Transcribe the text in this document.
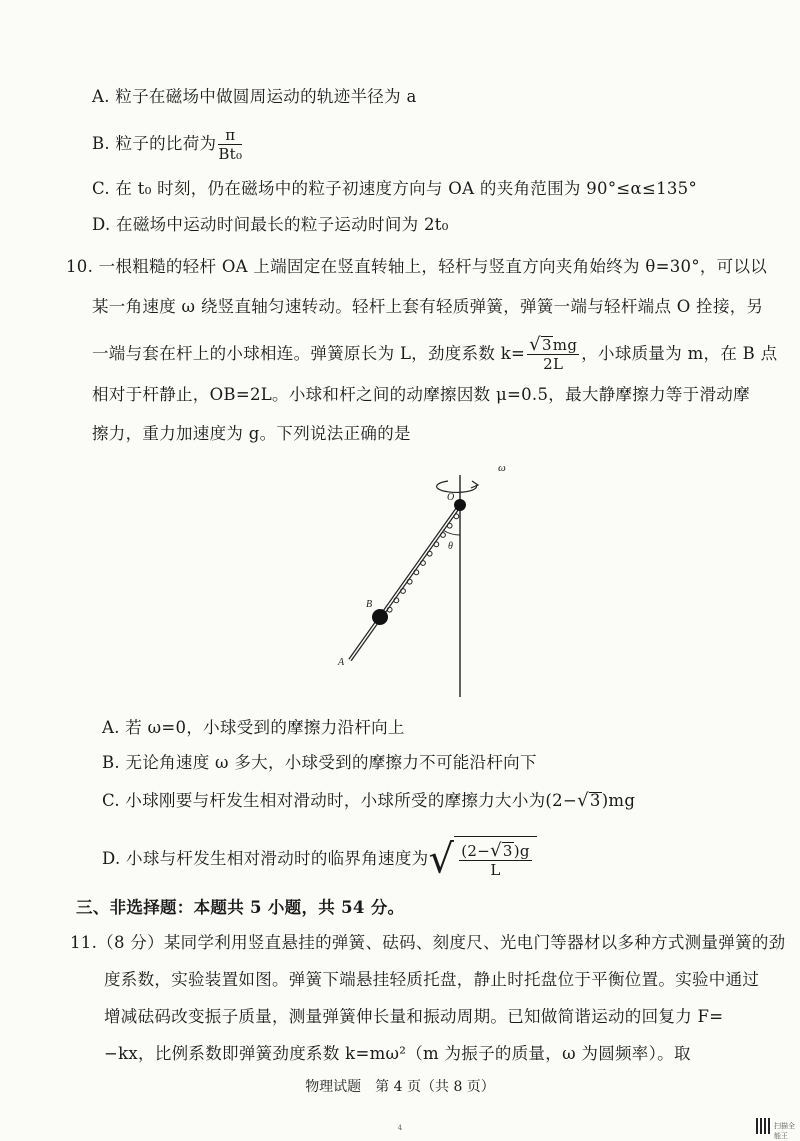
A. 粒子在磁场中做圆周运动的轨迹半径为 a
B. 粒子的比荷为 $\frac{\pi}{\text{Bt₀}}$
C. 在 t₀ 时刻，仍在磁场中的粒子初速度方向与 OA 的夹角范围为 90°≤α≤135°
D. 在磁场中运动时间最长的粒子运动时间为 2t₀
10. 一根粗糙的轻杆 OA 上端固定在竖直转轴上，轻杆与竖直方向夹角始终为 θ=30°，可以以
某一角速度 ω 绕竖直轴匀速转动。轻杆上套有轻质弹簧，弹簧一端与轻杆端点 O 拴接，另
一端与套在杆上的小球相连。弹簧原长为 L，劲度系数 $k= \frac{√3mg}{2L}$ ，小球质量为 m，在 B 点
相对于杆静止，OB=2L。小球和杆之间的动摩擦因数 μ=0.5，最大静摩擦力等于滑动摩
擦力，重力加速度为 g。下列说法正确的是
ω
θ
O
B
A
A. 若 ω=0，小球受到的摩擦力沿杆向上
B. 无论角速度 ω 多大，小球受到的摩擦力不可能沿杆向下
C. 小球刚要与杆发生相对滑动时，小球所受的摩擦力大小为(2−√3)mg
D. 小球与杆发生相对滑动时的临界角速度为√ $\frac{(2-√3)g}{L}$
三、非选择题：本题共 5 小题，共 54 分。
11.（8 分）某同学利用竖直悬挂的弹簧、砝码、刻度尺、光电门等器材以多种方式测量弹簧的劲
度系数，实验装置如图。弹簧下端悬挂轻质托盘，静止时托盘位于平衡位置。实验中通过
增减砝码改变振子质量，测量弹簧伸长量和振动周期。已知做简谐运动的回复力 F=
−kx，比例系数即弹簧劲度系数 k=mω²（m 为振子的质量，ω 为圆频率）。取
物理试题　第 4 页（共 8 页）
4	扫描全能王
